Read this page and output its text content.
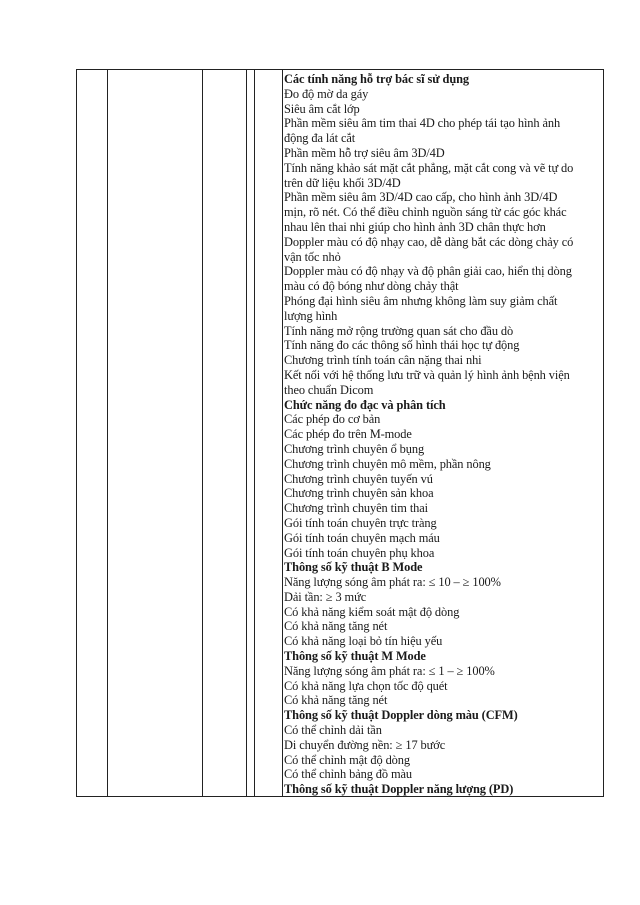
Các tính năng hỗ trợ bác sĩ sử dụng
Đo độ mờ da gáy
Siêu âm cắt lớp
Phần mềm siêu âm tim thai 4D cho phép tái tạo hình ảnh
động đa lát cắt
Phần mềm hỗ trợ siêu âm 3D/4D
Tính năng khảo sát mặt cắt phẳng, mặt cắt cong và vẽ tự do
trên dữ liệu khối 3D/4D
Phần mềm siêu âm 3D/4D cao cấp, cho hình ảnh 3D/4D
mịn, rõ nét. Có thể điều chỉnh nguồn sáng từ các góc khác
nhau lên thai nhi giúp cho hình ảnh 3D chân thực hơn
Doppler màu có độ nhạy cao, dễ dàng bắt các dòng chảy có
vận tốc nhỏ
Doppler màu có độ nhạy và độ phân giải cao, hiển thị dòng
màu có độ bóng như dòng chảy thật
Phóng đại hình siêu âm nhưng không làm suy giảm chất
lượng hình
Tính năng mở rộng trường quan sát cho đầu dò
Tính năng đo các thông số hình thái học tự động
Chương trình tính toán cân nặng thai nhi
Kết nối với hệ thống lưu trữ và quản lý hình ảnh bệnh viện
theo chuẩn Dicom
Chức năng đo đạc và phân tích
Các phép đo cơ bản
Các phép đo trên M-mode
Chương trình chuyên ổ bụng
Chương trình chuyên mô mềm, phần nông
Chương trình chuyên tuyến vú
Chương trình chuyên sản khoa
Chương trình chuyên tim thai
Gói tính toán chuyên trực tràng
Gói tính toán chuyên mạch máu
Gói tính toán chuyên phụ khoa
Thông số kỹ thuật B Mode
Năng lượng sóng âm phát ra: ≤ 10 – ≥ 100%
Dải tần: ≥ 3 mức
Có khả năng kiểm soát mật độ dòng
Có khả năng tăng nét
Có khả năng loại bỏ tín hiệu yếu
Thông số kỹ thuật M Mode
Năng lượng sóng âm phát ra: ≤ 1 – ≥ 100%
Có khả năng lựa chọn tốc độ quét
Có khả năng tăng nét
Thông số kỹ thuật Doppler dòng màu (CFM)
Có thể chỉnh dải tần
Di chuyển đường nền: ≥ 17 bước
Có thể chỉnh mật độ dòng
Có thể chỉnh bảng đồ màu
Thông số kỹ thuật Doppler năng lượng (PD)
